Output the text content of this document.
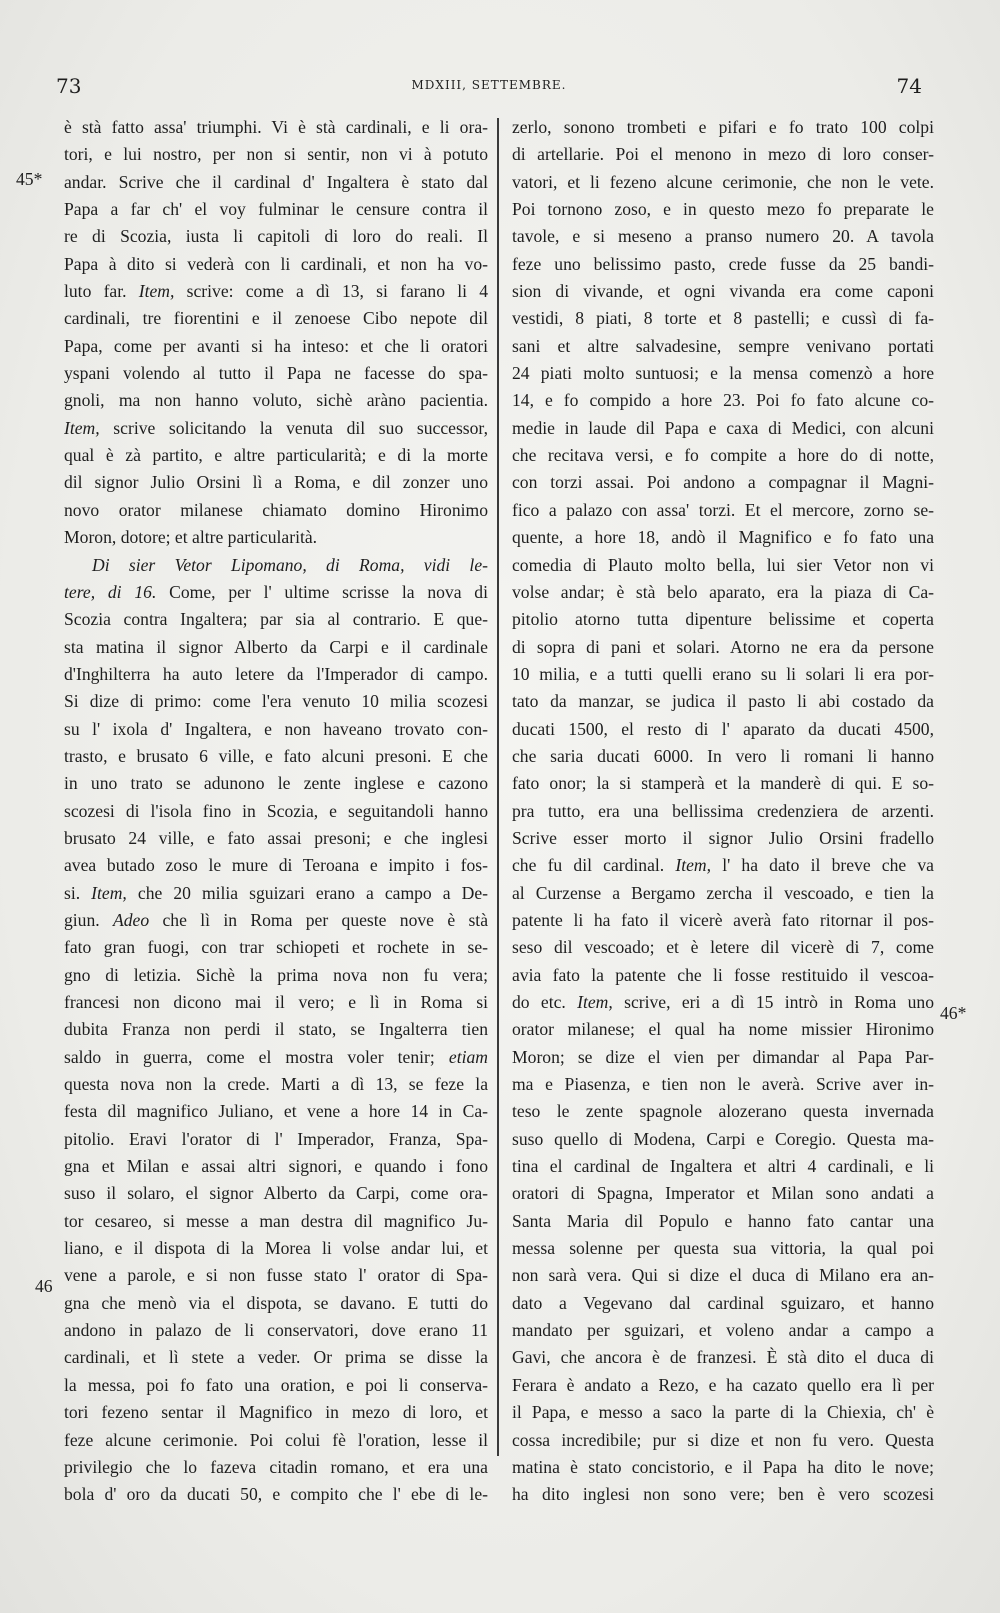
73	MDXIII, SETTEMBRE.	74
45*
46
46*
è stà fatto assa' triumphi. Vi è stà cardinali, e li ora-
tori, e lui nostro, per non si sentir, non vi à potuto
andar. Scrive che il cardinal d' Ingaltera è stato dal
Papa a far ch' el voy fulminar le censure contra il
re di Scozia, iusta li capitoli di loro do reali. Il
Papa à dito si vederà con li cardinali, et non ha vo-
luto far. Item, scrive: come a dì 13, si farano li 4
cardinali, tre fiorentini e il zenoese Cibo nepote dil
Papa, come per avanti si ha inteso: et che li oratori
yspani volendo al tutto il Papa ne facesse do spa-
gnoli, ma non hanno voluto, sichè aràno pacientia.
Item, scrive solicitando la venuta dil suo successor,
qual è zà partito, e altre particularità; e di la morte
dil signor Julio Orsini lì a Roma, e dil zonzer uno
novo orator milanese chiamato domino Hironimo
Moron, dotore; et altre particularità.
Di sier Vetor Lipomano, di Roma, vidi le-
tere, di 16. Come, per l' ultime scrisse la nova di
Scozia contra Ingaltera; par sia al contrario. E que-
sta matina il signor Alberto da Carpi e il cardinale
d'Inghilterra ha auto letere da l'Imperador di campo.
Si dize di primo: come l'era venuto 10 milia scozesi
su l' ixola d' Ingaltera, e non haveano trovato con-
trasto, e brusato 6 ville, e fato alcuni presoni. E che
in uno trato se adunono le zente inglese e cazono
scozesi di l'isola fino in Scozia, e seguitandoli hanno
brusato 24 ville, e fato assai presoni; e che inglesi
avea butado zoso le mure di Teroana e impito i fos-
si. Item, che 20 milia sguizari erano a campo a De-
giun. Adeo che lì in Roma per queste nove è stà
fato gran fuogi, con trar schiopeti et rochete in se-
gno di letizia. Sichè la prima nova non fu vera;
francesi non dicono mai il vero; e lì in Roma si
dubita Franza non perdi il stato, se Ingalterra tien
saldo in guerra, come el mostra voler tenir; etiam
questa nova non la crede. Marti a dì 13, se feze la
festa dil magnifico Juliano, et vene a hore 14 in Ca-
pitolio. Eravi l'orator di l' Imperador, Franza, Spa-
gna et Milan e assai altri signori, e quando i fono
suso il solaro, el signor Alberto da Carpi, come ora-
tor cesareo, si messe a man destra dil magnifico Ju-
liano, e il dispota di la Morea li volse andar lui, et
vene a parole, e si non fusse stato l' orator di Spa-
gna che menò via el dispota, se davano. E tutti do
andono in palazo de li conservatori, dove erano 11
cardinali, et lì stete a veder. Or prima se disse la
la messa, poi fo fato una oration, e poi li conserva-
tori fezeno sentar il Magnifico in mezo di loro, et
feze alcune cerimonie. Poi colui fè l'oration, lesse il
privilegio che lo fazeva citadin romano, et era una
bola d' oro da ducati 50, e compito che l' ebe di le-
zerlo, sonono trombeti e pifari e fo trato 100 colpi
di artellarie. Poi el menono in mezo di loro conser-
vatori, et li fezeno alcune cerimonie, che non le vete.
Poi tornono zoso, e in questo mezo fo preparate le
tavole, e si meseno a pranso numero 20. A tavola
feze uno belissimo pasto, crede fusse da 25 bandi-
sion di vivande, et ogni vivanda era come caponi
vestidi, 8 piati, 8 torte et 8 pastelli; e cussì di fa-
sani et altre salvadesine, sempre venivano portati
24 piati molto suntuosi; e la mensa comenzò a hore
14, e fo compido a hore 23. Poi fo fato alcune co-
medie in laude dil Papa e caxa di Medici, con alcuni
che recitava versi, e fo compite a hore do di notte,
con torzi assai. Poi andono a compagnar il Magni-
fico a palazo con assa' torzi. Et el mercore, zorno se-
quente, a hore 18, andò il Magnifico e fo fato una
comedia di Plauto molto bella, lui sier Vetor non vi
volse andar; è stà belo aparato, era la piaza di Ca-
pitolio atorno tutta dipenture belissime et coperta
di sopra di pani et solari. Atorno ne era da persone
10 milia, e a tutti quelli erano su li solari li era por-
tato da manzar, se judica il pasto li abi costado da
ducati 1500, el resto di l' aparato da ducati 4500,
che saria ducati 6000. In vero li romani li hanno
fato onor; la si stamperà et la manderè di qui. E so-
pra tutto, era una bellissima credenziera de arzenti.
Scrive esser morto il signor Julio Orsini fradello
che fu dil cardinal. Item, l' ha dato il breve che va
al Curzense a Bergamo zercha il vescoado, e tien la
patente li ha fato il vicerè averà fato ritornar il pos-
seso dil vescoado; et è letere dil vicerè di 7, come
avia fato la patente che li fosse restituido il vescoa-
do etc. Item, scrive, eri a dì 15 intrò in Roma uno
orator milanese; el qual ha nome missier Hironimo
Moron; se dize el vien per dimandar al Papa Par-
ma e Piasenza, e tien non le averà. Scrive aver in-
teso le zente spagnole alozerano questa invernada
suso quello di Modena, Carpi e Coregio. Questa ma-
tina el cardinal de Ingaltera et altri 4 cardinali, e li
oratori di Spagna, Imperator et Milan sono andati a
Santa Maria dil Populo e hanno fato cantar una
messa solenne per questa sua vittoria, la qual poi
non sarà vera. Qui si dize el duca di Milano era an-
dato a Vegevano dal cardinal sguizaro, et hanno
mandato per sguizari, et voleno andar a campo a
Gavi, che ancora è de franzesi. È stà dito el duca di
Ferara è andato a Rezo, e ha cazato quello era lì per
il Papa, e messo a saco la parte di la Chiexia, ch' è
cossa incredibile; pur si dize et non fu vero. Questa
matina è stato concistorio, e il Papa ha dito le nove;
ha dito inglesi non sono vere; ben è vero scozesi
